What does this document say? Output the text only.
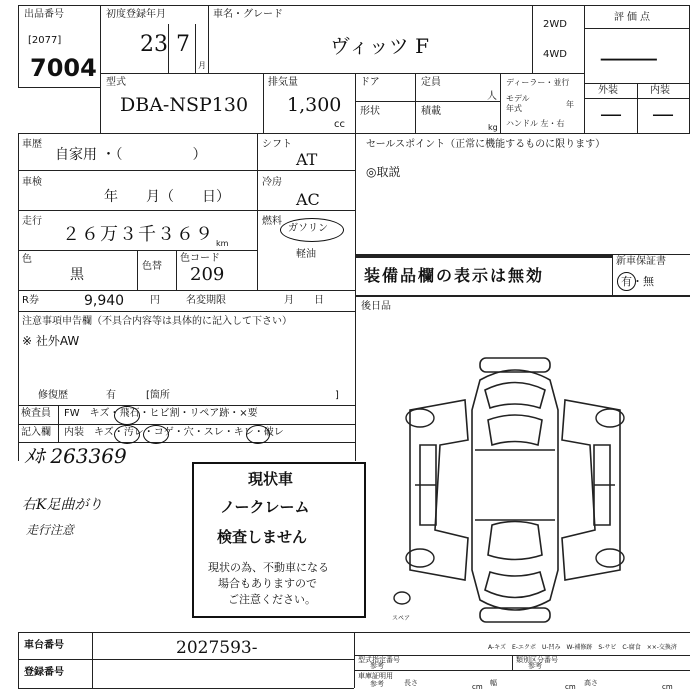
出品番号
[2077]
7004
初度登録年月
23 7
月
車名・グレード
ヴィッツ F
2WD
4WD
評価点
—
外装	内装
— —
型式
DBA-NSP130
排気量
1,300
cc
ドア	定員
人
形状	積載
kg
ディーラー・並行
モデル
年式	年
ハンドル 左・右
車歴
自家用 ・（　　　　　）
シフト
AT
車検
年　　月（　　日）
冷房
AC
走行
２６万３千３６９ km
燃料
ガソリン
軽油
色
黒
色替
色コード
209
R券	9,940	円	名変期限	月　　日
セールスポイント（正常に機能するものに限ります）
◎取説
装備品欄の表示は無効
新車保証書
有・無
後日品
注意事項申告欄（不具合内容等は具体的に記入して下さい）
※ 社外AW
修復歴	有	[箇所	]
検査員 FW　キズ・飛石・ヒビ割・リペア跡・×要
記入欄 内装　キズ・汚レ・コゲ・穴・スレ・キレ・破レ
ﾒﾎ 263369
右K足曲がり
走行注意
現状車
ノークレーム
検査しません
現状の為、不動車になる
場合もありますので
ご注意ください。
スペア
車台番号	2027593-
登録番号
A-キズ　E-エクボ　U-凹み　W-補修跡　S-サビ　C-腐食　××-交換済
型式指定番号
参考
類別区分番号
参考
車庫証明用
参考	長さ	cm 幅	cm 高さ	cm
